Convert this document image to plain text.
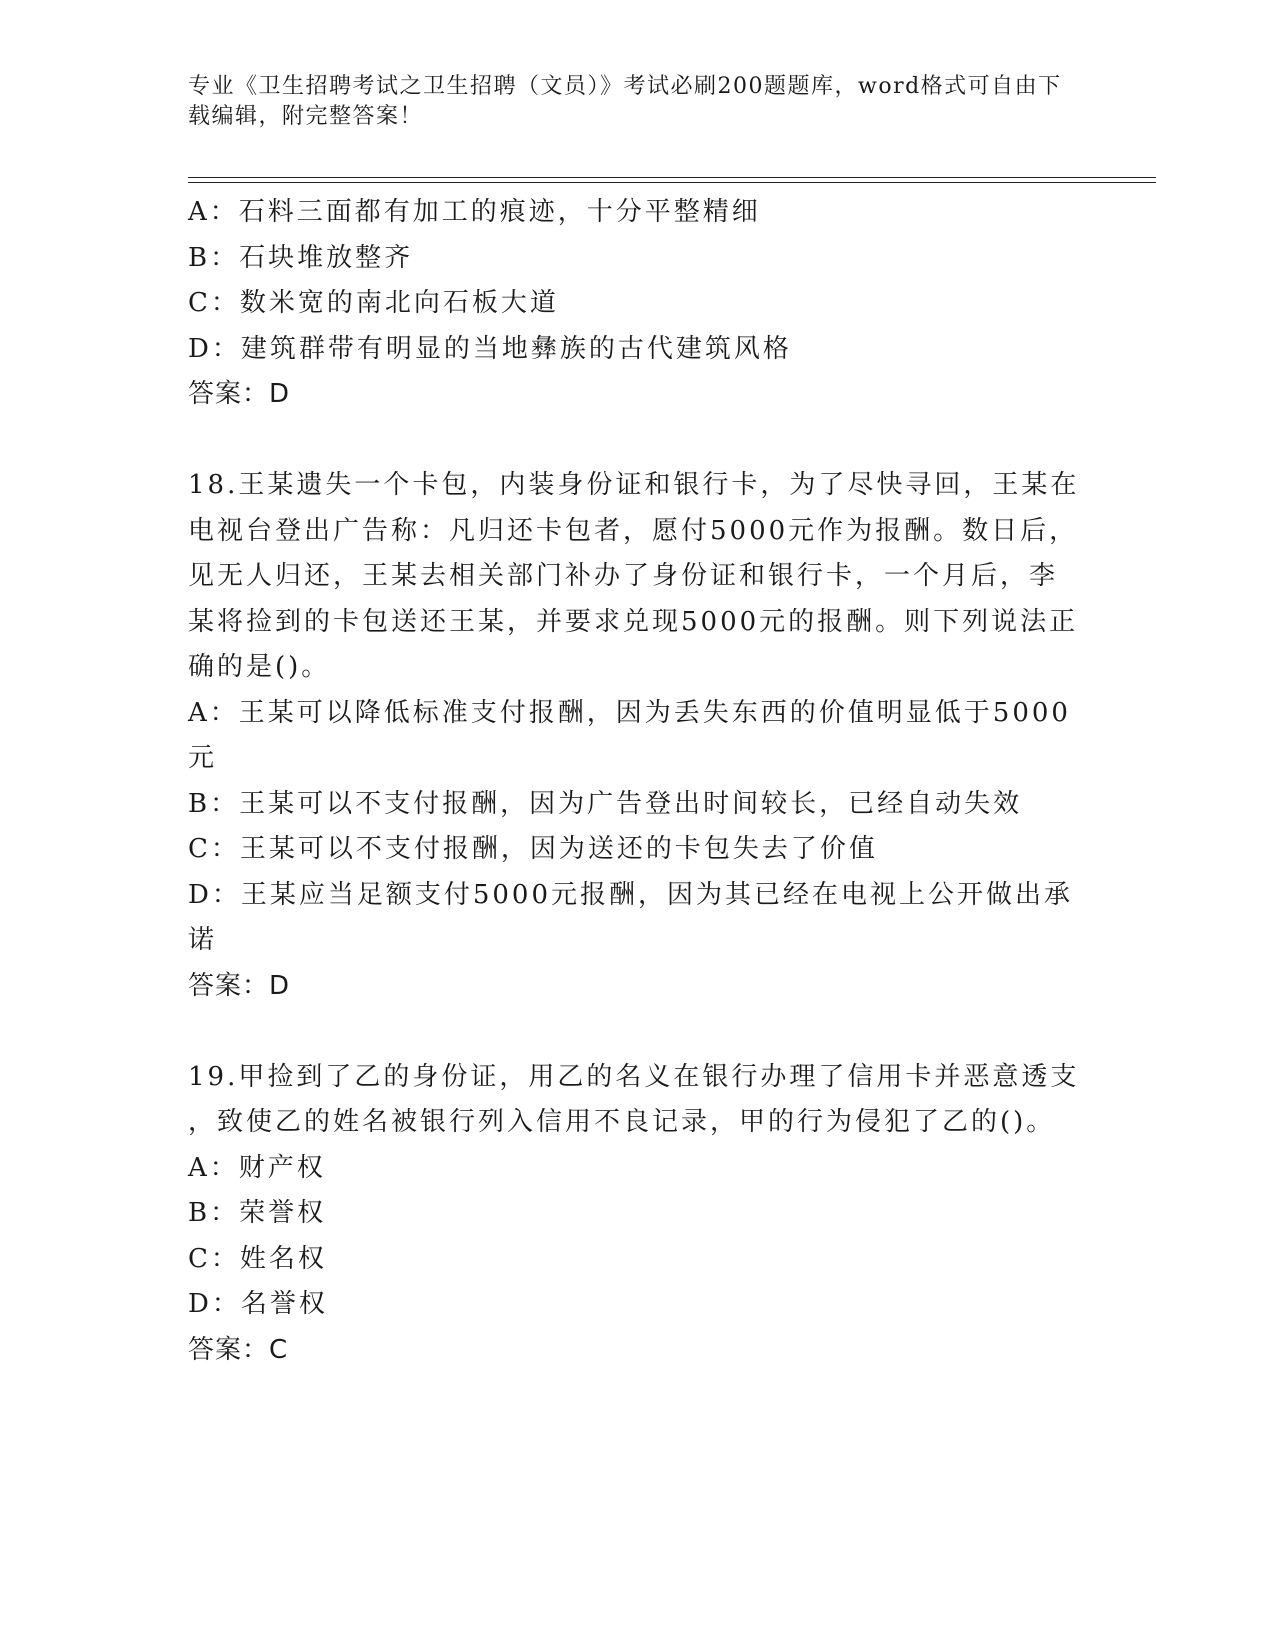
专业《卫生招聘考试之卫生招聘（文员）》考试必刷200题题库，word格式可自由下载编辑，附完整答案！

A：石料三面都有加工的痕迹，十分平整精细

B：石块堆放整齐

C：数米宽的南北向石板大道

D：建筑群带有明显的当地彝族的古代建筑风格

答案：D

18.王某遗失一个卡包，内装身份证和银行卡，为了尽快寻回，王某在

电视台登出广告称：凡归还卡包者，愿付5000元作为报酬。数日后，

见无人归还，王某去相关部门补办了身份证和银行卡，一个月后，李

某将捡到的卡包送还王某，并要求兑现5000元的报酬。则下列说法正

确的是()。

A：王某可以降低标准支付报酬，因为丢失东西的价值明显低于5000

元

B：王某可以不支付报酬，因为广告登出时间较长，已经自动失效

C：王某可以不支付报酬，因为送还的卡包失去了价值

D：王某应当足额支付5000元报酬，因为其已经在电视上公开做出承

诺

答案：D

19.甲捡到了乙的身份证，用乙的名义在银行办理了信用卡并恶意透支

，致使乙的姓名被银行列入信用不良记录，甲的行为侵犯了乙的()。

A：财产权

B：荣誉权

C：姓名权

D：名誉权

答案：C
